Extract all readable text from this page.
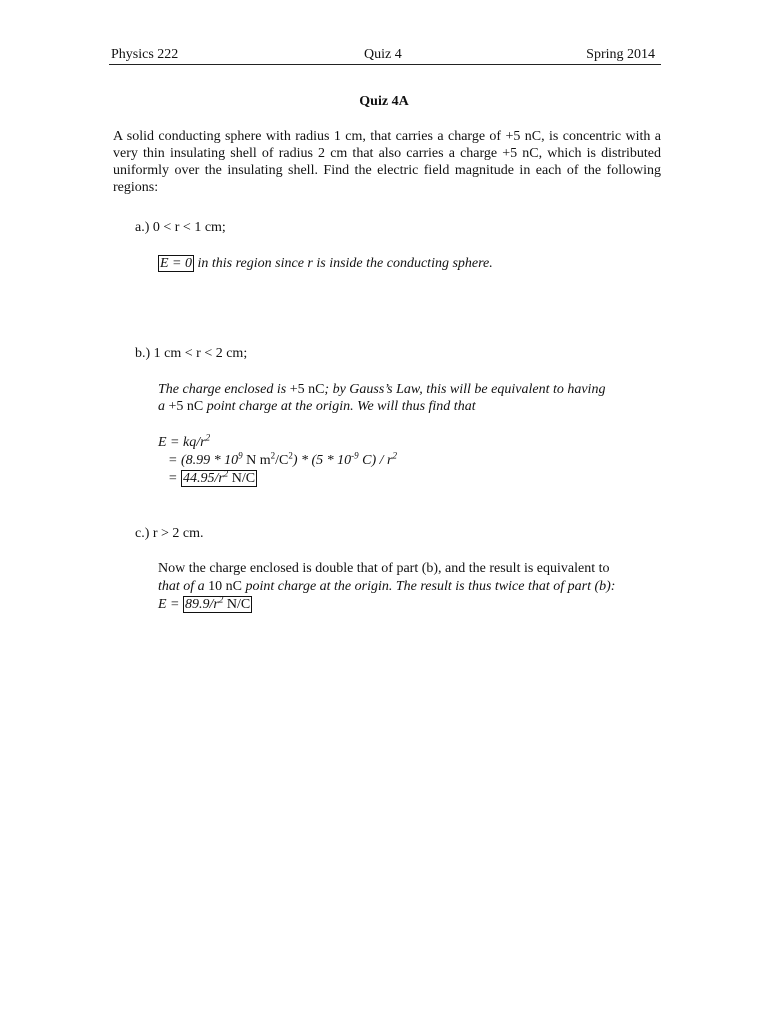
Physics 222	Quiz 4	Spring 2014
Quiz 4A
A solid conducting sphere with radius 1 cm, that carries a charge of +5 nC, is concentric with a very thin insulating shell of radius 2 cm that also carries a charge +5 nC, which is distributed uniformly over the insulating shell. Find the electric field magnitude in each of the following regions:
a.) 0 < r < 1 cm;
E = 0 in this region since r is inside the conducting sphere.
b.) 1 cm < r < 2 cm;
The charge enclosed is +5 nC; by Gauss’s Law, this will be equivalent to having
a +5 nC point charge at the origin. We will thus find that
$E = kq/r^2$
= ($8.99 * 10^9$ N $m^2/C^2) * (5 * 10^{-9}$ $C) / r^2$
= $44.95/r^2$ N/C
c.) r > 2 cm.
Now the charge enclosed is double that of part (b), and the result is equivalent to
that of a 10 nC point charge at the origin. The result is thus twice that of part (b):
$E = 89.9/r^2$ N/C
